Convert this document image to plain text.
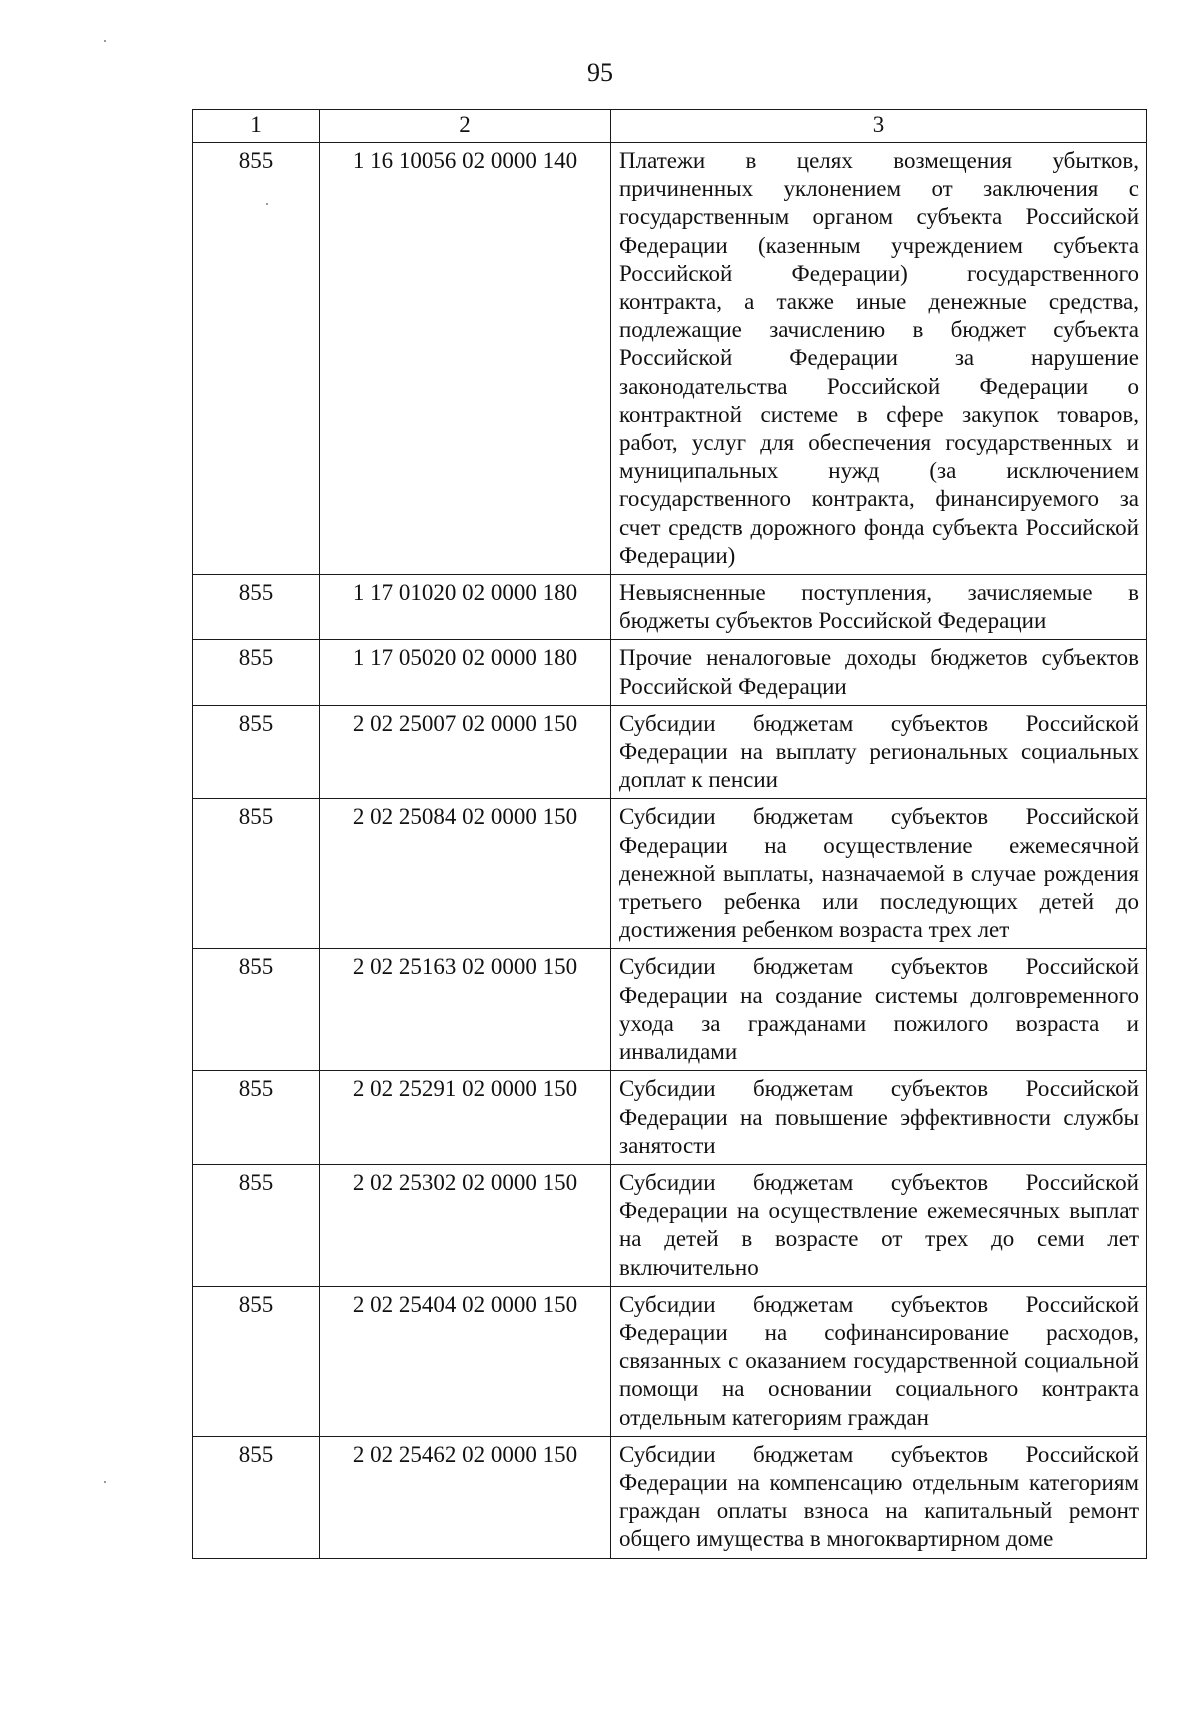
95
1	2	3
855	1 16 10056 02 0000 140	Платежи в целях возмещения убытков, причиненных уклонением от заключения с государственным органом субъекта Российской Федерации (казенным учреждением субъекта Российской Федерации) государственного контракта, а также иные денежные средства, подлежащие зачислению в бюджет субъекта Российской Федерации за нарушение законодательства Российской Федерации о контрактной системе в сфере закупок товаров, работ, услуг для обеспечения государственных и муниципальных нужд (за исключением государственного контракта, финансируемого за счет средств дорожного фонда субъекта Российской Федерации)
855	1 17 01020 02 0000 180	Невыясненные поступления, зачисляемые в бюджеты субъектов Российской Федерации
855	1 17 05020 02 0000 180	Прочие неналоговые доходы бюджетов субъектов Российской Федерации
855	2 02 25007 02 0000 150	Субсидии бюджетам субъектов Российской Федерации на выплату региональных социальных доплат к пенсии
855	2 02 25084 02 0000 150	Субсидии бюджетам субъектов Российской Федерации на осуществление ежемесячной денежной выплаты, назначаемой в случае рождения третьего ребенка или последующих детей до достижения ребенком возраста трех лет
855	2 02 25163 02 0000 150	Субсидии бюджетам субъектов Российской Федерации на создание системы долговременного ухода за гражданами пожилого возраста и инвалидами
855	2 02 25291 02 0000 150	Субсидии бюджетам субъектов Российской Федерации на повышение эффективности службы занятости
855	2 02 25302 02 0000 150	Субсидии бюджетам субъектов Российской Федерации на осуществление ежемесячных выплат на детей в возрасте от трех до семи лет включительно
855	2 02 25404 02 0000 150	Субсидии бюджетам субъектов Российской Федерации на софинансирование расходов, связанных с оказанием государственной социальной помощи на основании социального контракта отдельным категориям граждан
855	2 02 25462 02 0000 150	Субсидии бюджетам субъектов Российской Федерации на компенсацию отдельным категориям граждан оплаты взноса на капитальный ремонт общего имущества в многоквартирном доме
